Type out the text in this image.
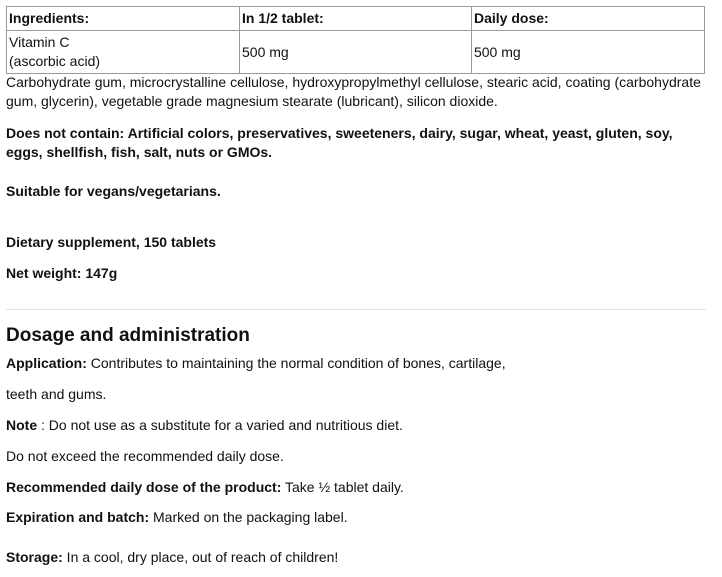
Ingredients:	In 1/2 tablet:	Daily dose:

Vitamin C
(ascorbic acid)	500 mg	500 mg

Carbohydrate gum, microcrystalline cellulose, hydroxypropylmethyl cellulose, stearic acid, coating (carbohydrate gum, glycerin), vegetable grade magnesium stearate (lubricant), silicon dioxide.

Does not contain: Artificial colors, preservatives, sweeteners, dairy, sugar, wheat, yeast, gluten, soy, eggs, shellfish, fish, salt, nuts or GMOs.

Suitable for vegans/vegetarians.

Dietary supplement, 150 tablets

Net weight: 147g

Dosage and administration

Application: Contributes to maintaining the normal condition of bones, cartilage,

teeth and gums.

Note : Do not use as a substitute for a varied and nutritious diet.

Do not exceed the recommended daily dose.

Recommended daily dose of the product: Take ½ tablet daily.

Expiration and batch: Marked on the packaging label.

Storage: In a cool, dry place, out of reach of children!
